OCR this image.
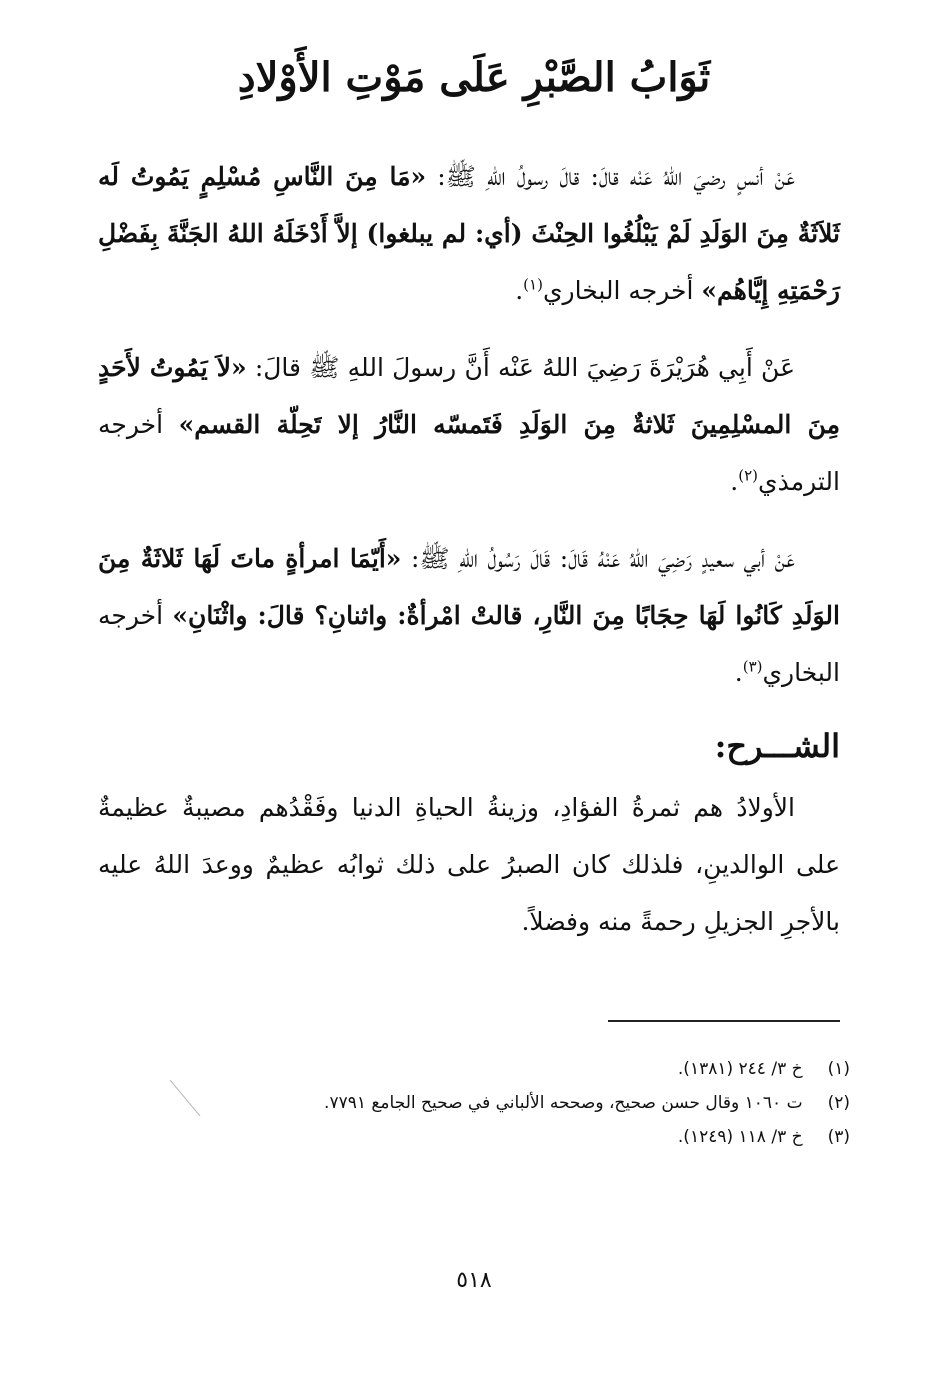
ثَوَابُ الصَّبْرِ عَلَى مَوْتِ الأَوْلادِ

عَنْ أنسٍ رضيَ اللهُ عَنْه قالَ: قالَ رسولُ اللهِ ﷺ: «مَا مِنَ النَّاسِ مُسْلِمٍ يَمُوتُ لَه ثَلاَثَةٌ مِنَ الوَلَدِ لَمْ يَبْلُغُوا الحِنْثَ (أي: لم يبلغوا) إلاَّ أَدْخَلَهُ اللهُ الجَنَّةَ بِفَضْلِ رَحْمَتِهِ إِيَّاهُم» أخرجه البخاري$^{(١)}$.

عَنْ أَبِي هُرَيْرَةَ رَضِيَ اللهُ عَنْه أَنَّ رسولَ اللهِ ﷺ قالَ: «لاَ يَمُوتُ لأَحَدٍ مِنَ المسْلِمِينَ ثَلاثةٌ مِنَ الوَلَدِ فَتَمسّه النَّارُ إلا تَحِلّة القسم» أخرجه الترمذي$^{(٢)}$.

عَنْ أبي سعيدٍ رَضِيَ اللهُ عَنْهُ قَالَ: قَالَ رَسُولُ اللهِ ﷺ: «أَيّمَا امرأةٍ ماتَ لَهَا ثَلاثَةٌ مِنَ الوَلَدِ كَانُوا لَهَا حِجَابًا مِنَ النَّارِ، قالتْ امْرأةٌ: واثنانِ؟ قالَ: واثْنَانِ» أخرجه البخاري$^{(٣)}$.

الشـــرح:

الأولادُ هم ثمرةُ الفؤادِ، وزينةُ الحياةِ الدنيا وفَقْدُهم مصيبةٌ عظيمةٌ على الوالدينِ، فلذلك كان الصبرُ على ذلك ثوابُه عظيمٌ ووعدَ اللهُ عليه بالأجرِ الجزيلِ رحمةً منه وفضلاً.

(١) خ ٣/ ٢٤٤ (١٣٨١).
(٢) ت ١٠٦٠ وقال حسن صحيح، وصححه الألباني في صحيح الجامع ٧٧٩١.
(٣) خ ٣/ ١١٨ (١٢٤٩).
٥١٨
